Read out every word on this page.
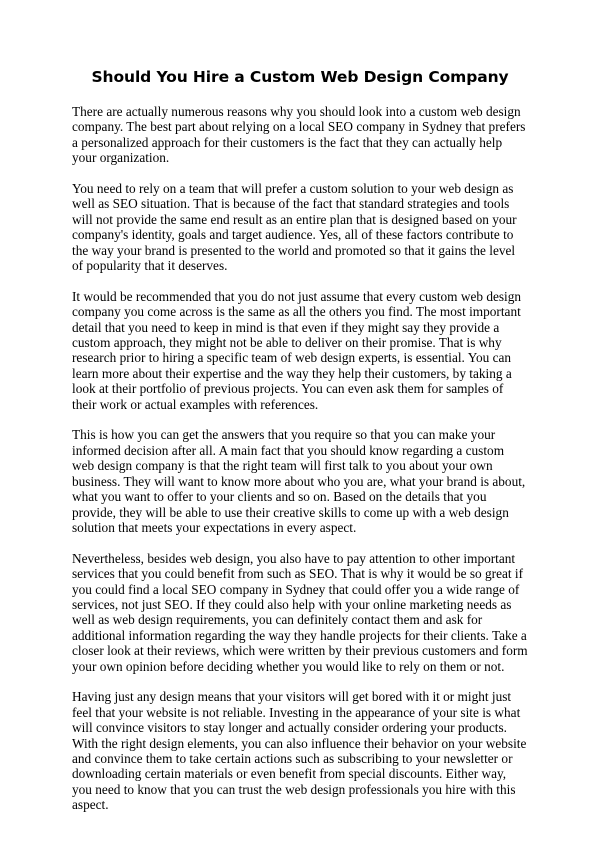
Should You Hire a Custom Web Design Company

There are actually numerous reasons why you should look into a custom web design company. The best part about relying on a local SEO company in Sydney that prefers a personalized approach for their customers is the fact that they can actually help your organization.

You need to rely on a team that will prefer a custom solution to your web design as well as SEO situation. That is because of the fact that standard strategies and tools will not provide the same end result as an entire plan that is designed based on your company's identity, goals and target audience. Yes, all of these factors contribute to the way your brand is presented to the world and promoted so that it gains the level of popularity that it deserves.

It would be recommended that you do not just assume that every custom web design company you come across is the same as all the others you find. The most important detail that you need to keep in mind is that even if they might say they provide a custom approach, they might not be able to deliver on their promise. That is why research prior to hiring a specific team of web design experts, is essential. You can learn more about their expertise and the way they help their customers, by taking a look at their portfolio of previous projects. You can even ask them for samples of their work or actual examples with references.

This is how you can get the answers that you require so that you can make your informed decision after all. A main fact that you should know regarding a custom web design company is that the right team will first talk to you about your own business. They will want to know more about who you are, what your brand is about, what you want to offer to your clients and so on. Based on the details that you provide, they will be able to use their creative skills to come up with a web design solution that meets your expectations in every aspect.

Nevertheless, besides web design, you also have to pay attention to other important services that you could benefit from such as SEO. That is why it would be so great if you could find a local SEO company in Sydney that could offer you a wide range of services, not just SEO. If they could also help with your online marketing needs as well as web design requirements, you can definitely contact them and ask for additional information regarding the way they handle projects for their clients. Take a closer look at their reviews, which were written by their previous customers and form your own opinion before deciding whether you would like to rely on them or not.

Having just any design means that your visitors will get bored with it or might just feel that your website is not reliable. Investing in the appearance of your site is what will convince visitors to stay longer and actually consider ordering your products. With the right design elements, you can also influence their behavior on your website and convince them to take certain actions such as subscribing to your newsletter or downloading certain materials or even benefit from special discounts. Either way, you need to know that you can trust the web design professionals you hire with this aspect.
